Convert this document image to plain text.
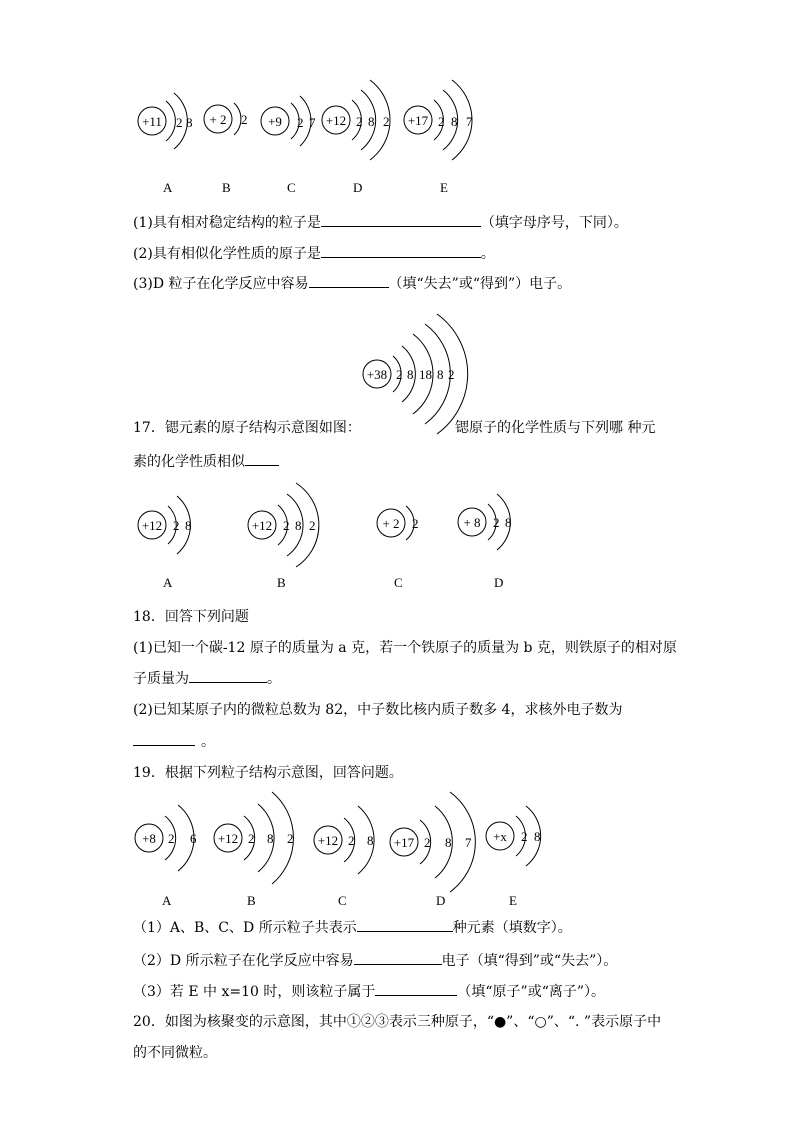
+11 2 8 + 2 2 +9 2 7 +12 2 8 2 +17 2 8 7
+38 2 8 18 8 2
+12 2 8	+12 2 8 2	+ 2 2	+ 8 2 8
+8 2 6 +12 2 8 2 +12 2 8 +17 2 8 7 +x 2 8
A	B	C	D	E
A	B	C	D
A	B	C	D	E
(1)具有相对稳定结构的粒子是	（填字母序号，下同）。
(2)具有相似化学性质的原子是	。
(3)D 粒子在化学反应中容易	（填“失去”或“得到”）电子。
17．锶元素的原子结构示意图如图：	锶原子的化学性质与下列哪 种元
素的化学性质相似
18．回答下列问题
(1)已知一个碳-12 原子的质量为 a 克，若一个铁原子的质量为 b 克，则铁原子的相对原
子质量为	。
(2)已知某原子内的微粒总数为 82，中子数比核内质子数多 4，求核外电子数为
。
19．根据下列粒子结构示意图，回答问题。
（1）A、B、C、D 所示粒子共表示	种元素（填数字）。
（2）D 所示粒子在化学反应中容易	电子（填“得到”或“失去”）。
（3）若 E 中 x=10 时，则该粒子属于	（填“原子”或“离子”）。
20．如图为核聚变的示意图，其中①②③表示三种原子，“●”、“○”、“. ”表示原子中
的不同微粒。
